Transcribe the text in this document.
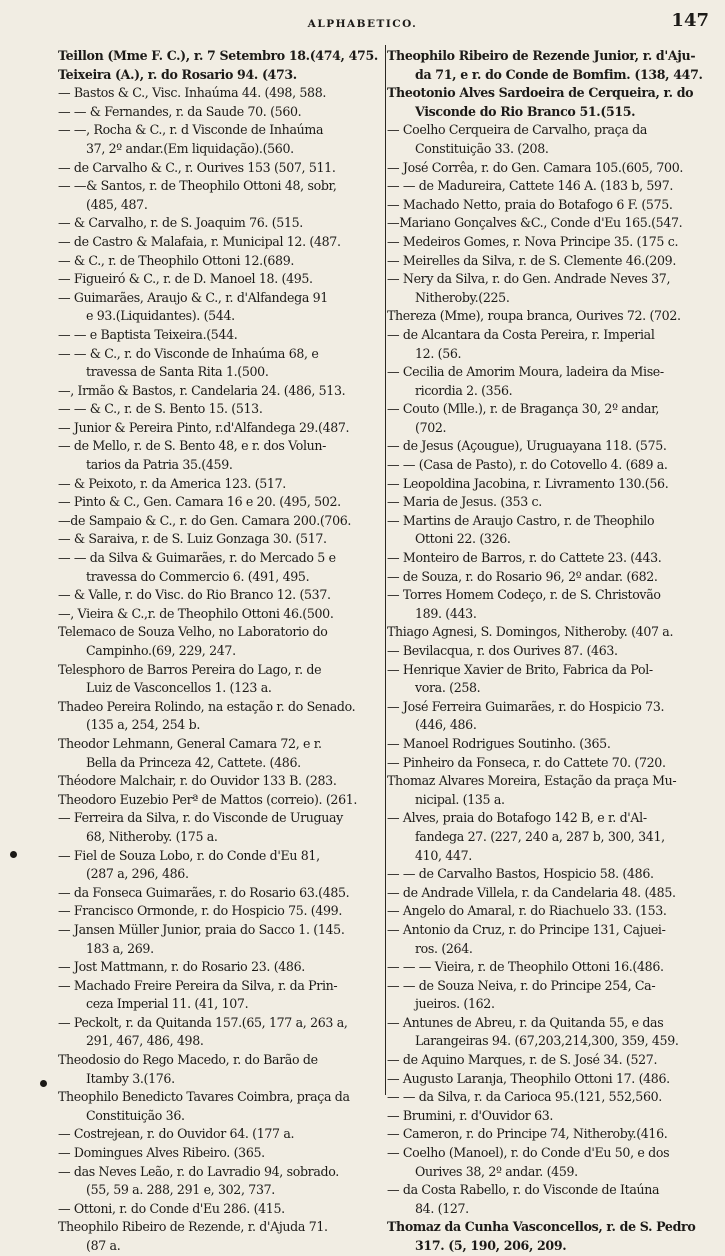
ALPHABETICO.	147
Teillon (Mme F. C.), r. 7 Setembro 18.(474, 475.
Teixeira (A.), r. do Rosario 94. (473.
— Bastos & C., Visc. Inhaúma 44. (498, 588.
— — & Fernandes, r. da Saude 70. (560.
— —, Rocha & C., r. d Visconde de Inhaúma
37, 2º andar.(Em liquidação).(560.
— de Carvalho & C., r. Ourives 153 (507, 511.
— —& Santos, r. de Theophilo Ottoni 48, sobr,
(485, 487.
— & Carvalho, r. de S. Joaquim 76. (515.
— de Castro & Malafaia, r. Municipal 12. (487.
— & C., r. de Theophilo Ottoni 12.(689.
— Figueiró & C., r. de D. Manoel 18. (495.
— Guimarães, Araujo & C., r. d'Alfandega 91
e 93.(Liquidantes). (544.
— — e Baptista Teixeira.(544.
— — & C., r. do Visconde de Inhaúma 68, e
travessa de Santa Rita 1.(500.
—, Irmão & Bastos, r. Candelaria 24. (486, 513.
— — & C., r. de S. Bento 15. (513.
— Junior & Pereira Pinto, r.d'Alfandega 29.(487.
— de Mello, r. de S. Bento 48, e r. dos Volun-
tarios da Patria 35.(459.
— & Peixoto, r. da America 123. (517.
— Pinto & C., Gen. Camara 16 e 20. (495, 502.
—de Sampaio & C., r. do Gen. Camara 200.(706.
— & Saraiva, r. de S. Luiz Gonzaga 30. (517.
— — da Silva & Guimarães, r. do Mercado 5 e
travessa do Commercio 6. (491, 495.
— & Valle, r. do Visc. do Rio Branco 12. (537.
—, Vieira & C.,r. de Theophilo Ottoni 46.(500.
Telemaco de Souza Velho, no Laboratorio do
Campinho.(69, 229, 247.
Telesphoro de Barros Pereira do Lago, r. de
Luiz de Vasconcellos 1. (123 a.
Thadeo Pereira Rolindo, na estação r. do Senado.
(135 a, 254, 254 b.
Theodor Lehmann, General Camara 72, e r.
Bella da Princeza 42, Cattete. (486.
Théodore Malchair, r. do Ouvidor 133 B. (283.
Theodoro Euzebio Perª de Mattos (correio). (261.
— Ferreira da Silva, r. do Visconde de Uruguay
68, Nitheroby. (175 a.
— Fiel de Souza Lobo, r. do Conde d'Eu 81,
(287 a, 296, 486.
— da Fonseca Guimarães, r. do Rosario 63.(485.
— Francisco Ormonde, r. do Hospicio 75. (499.
— Jansen Müller Junior, praia do Sacco 1. (145.
183 a, 269.
— Jost Mattmann, r. do Rosario 23. (486.
— Machado Freire Pereira da Silva, r. da Prin-
ceza Imperial 11. (41, 107.
— Peckolt, r. da Quitanda 157.(65, 177 a, 263 a,
291, 467, 486, 498.
Theodosio do Rego Macedo, r. do Barão de
Itamby 3.(176.
Theophilo Benedicto Tavares Coimbra, praça da
Constituição 36.
— Costrejean, r. do Ouvidor 64. (177 a.
— Domingues Alves Ribeiro. (365.
— das Neves Leão, r. do Lavradio 94, sobrado.
(55, 59 a. 288, 291 e, 302, 737.
— Ottoni, r. do Conde d'Eu 286. (415.
Theophilo Ribeiro de Rezende, r. d'Ajuda 71.
(87 a.
Theophilo Ribeiro de Rezende Junior, r. d'Aju-
da 71, e r. do Conde de Bomfim. (138, 447.
Theotonio Alves Sardoeira de Cerqueira, r. do
Visconde do Rio Branco 51.(515.
— Coelho Cerqueira de Carvalho, praça da
Constituição 33. (208.
— José Corrêa, r. do Gen. Camara 105.(605, 700.
— — de Madureira, Cattete 146 A. (183 b, 597.
— Machado Netto, praia do Botafogo 6 F. (575.
—Mariano Gonçalves &C., Conde d'Eu 165.(547.
— Medeiros Gomes, r. Nova Principe 35. (175 c.
— Meirelles da Silva, r. de S. Clemente 46.(209.
— Nery da Silva, r. do Gen. Andrade Neves 37,
Nitheroby.(225.
Thereza (Mme), roupa branca, Ourives 72. (702.
— de Alcantara da Costa Pereira, r. Imperial
12. (56.
— Cecilia de Amorim Moura, ladeira da Mise-
ricordia 2. (356.
— Couto (Mlle.), r. de Bragança 30, 2º andar,
(702.
— de Jesus (Açougue), Uruguayana 118. (575.
— — (Casa de Pasto), r. do Cotovello 4. (689 a.
— Leopoldina Jacobina, r. Livramento 130.(56.
— Maria de Jesus. (353 c.
— Martins de Araujo Castro, r. de Theophilo
Ottoni 22. (326.
— Monteiro de Barros, r. do Cattete 23. (443.
— de Souza, r. do Rosario 96, 2º andar. (682.
— Torres Homem Codeço, r. de S. Christovão
189. (443.
Thiago Agnesi, S. Domingos, Nitheroby. (407 a.
— Bevilacqua, r. dos Ourives 87. (463.
— Henrique Xavier de Brito, Fabrica da Pol-
vora. (258.
— José Ferreira Guimarães, r. do Hospicio 73.
(446, 486.
— Manoel Rodrigues Soutinho. (365.
— Pinheiro da Fonseca, r. do Cattete 70. (720.
Thomaz Alvares Moreira, Estação da praça Mu-
nicipal. (135 a.
— Alves, praia do Botafogo 142 B, e r. d'Al-
fandega 27. (227, 240 a, 287 b, 300, 341,
410, 447.
— — de Carvalho Bastos, Hospicio 58. (486.
— de Andrade Villela, r. da Candelaria 48. (485.
— Angelo do Amaral, r. do Riachuelo 33. (153.
— Antonio da Cruz, r. do Principe 131, Cajuei-
ros. (264.
— — — Vieira, r. de Theophilo Ottoni 16.(486.
— — de Souza Neiva, r. do Principe 254, Ca-
jueiros. (162.
— Antunes de Abreu, r. da Quitanda 55, e das
Larangeiras 94. (67,203,214,300, 359, 459.
— de Aquino Marques, r. de S. José 34. (527.
— Augusto Laranja, Theophilo Ottoni 17. (486.
— — da Silva, r. da Carioca 95.(121, 552,560.
— Brumini, r. d'Ouvidor 63.
— Cameron, r. do Principe 74, Nitheroby.(416.
— Coelho (Manoel), r. do Conde d'Eu 50, e dos
Ourives 38, 2º andar. (459.
— da Costa Rabello, r. do Visconde de Itaúna
84. (127.
Thomaz da Cunha Vasconcellos, r. de S. Pedro
317. (5, 190, 206, 209.
